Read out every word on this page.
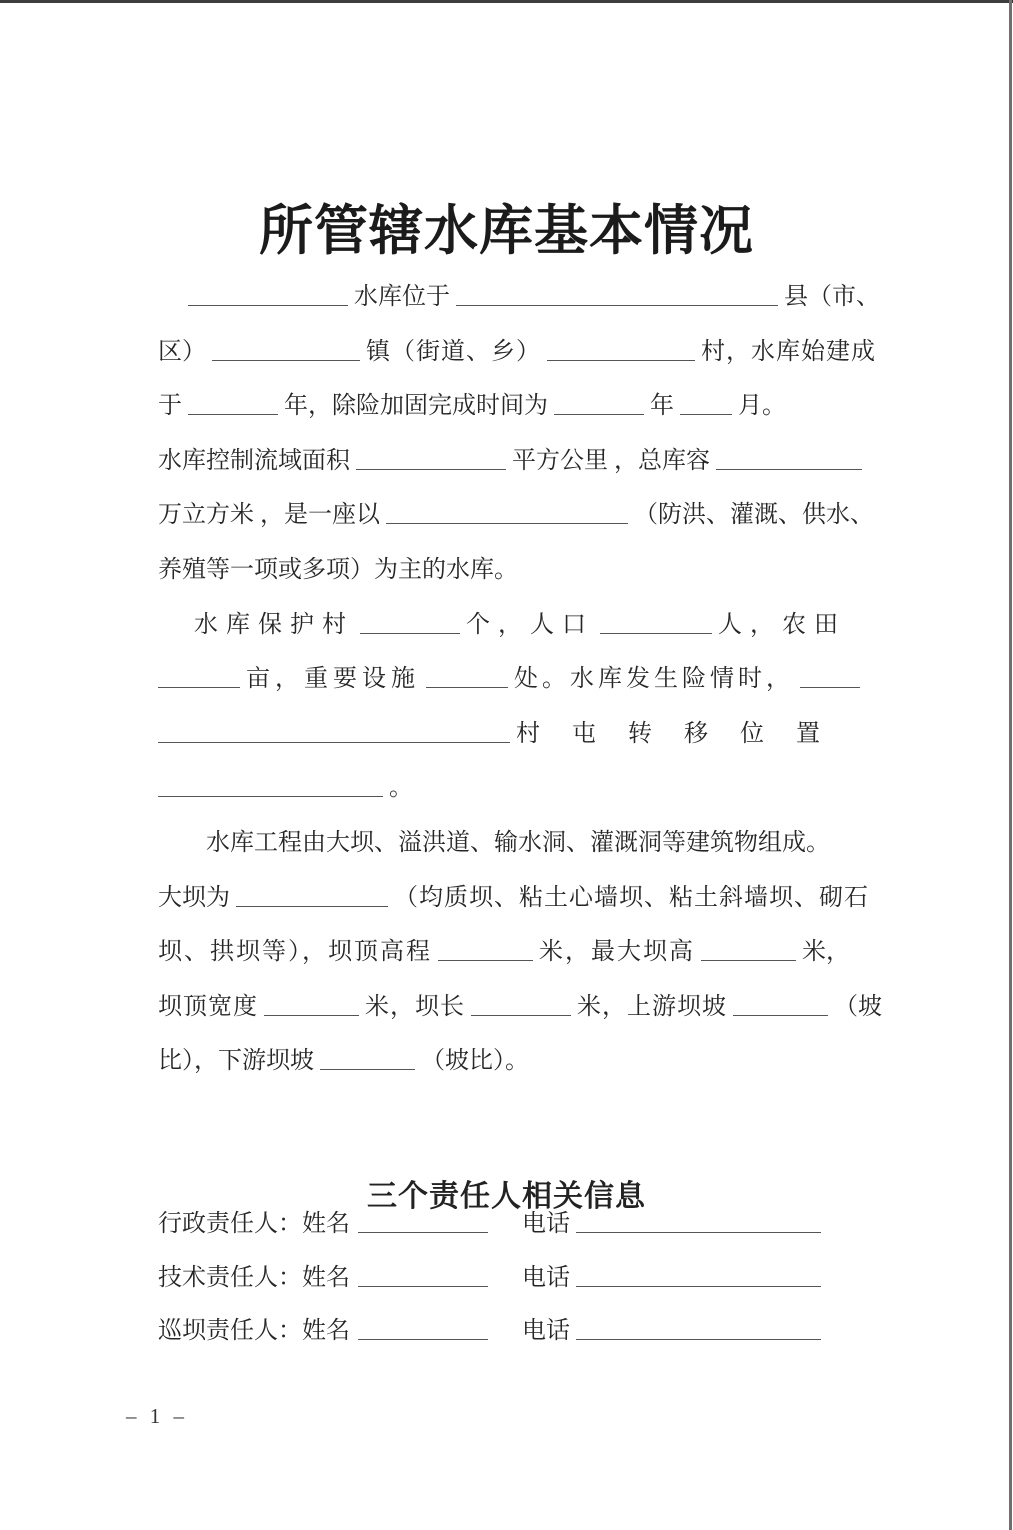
所管辖水库基本情况
水库位于	县（市、
区）	镇（街道、乡）	村，水库始建成
于	年，除险加固完成时间为	年	月。
水库控制流域面积	平方公里 ，总库容
万立方米 ，是一座以	（防洪、灌溉、供水、
养殖等一项或多项）为主的水库。
水库保护村	个，人口	人，农田
亩，重要设施	处。水库发生险情时，
村屯转移位置
。
水库工程由大坝、溢洪道、输水洞、灌溉洞等建筑物组成。
大坝为	（均质坝、粘土心墙坝、粘土斜墙坝、砌石
坝、拱坝等），坝顶高程	米，最大坝高	米，
坝顶宽度	米，坝长	米，上游坝坡	（坡
比），下游坝坡	（坡比）。
三个责任人相关信息
行政责任人：姓名	电话
技术责任人：姓名	电话
巡坝责任人：姓名	电话
– 1 –
